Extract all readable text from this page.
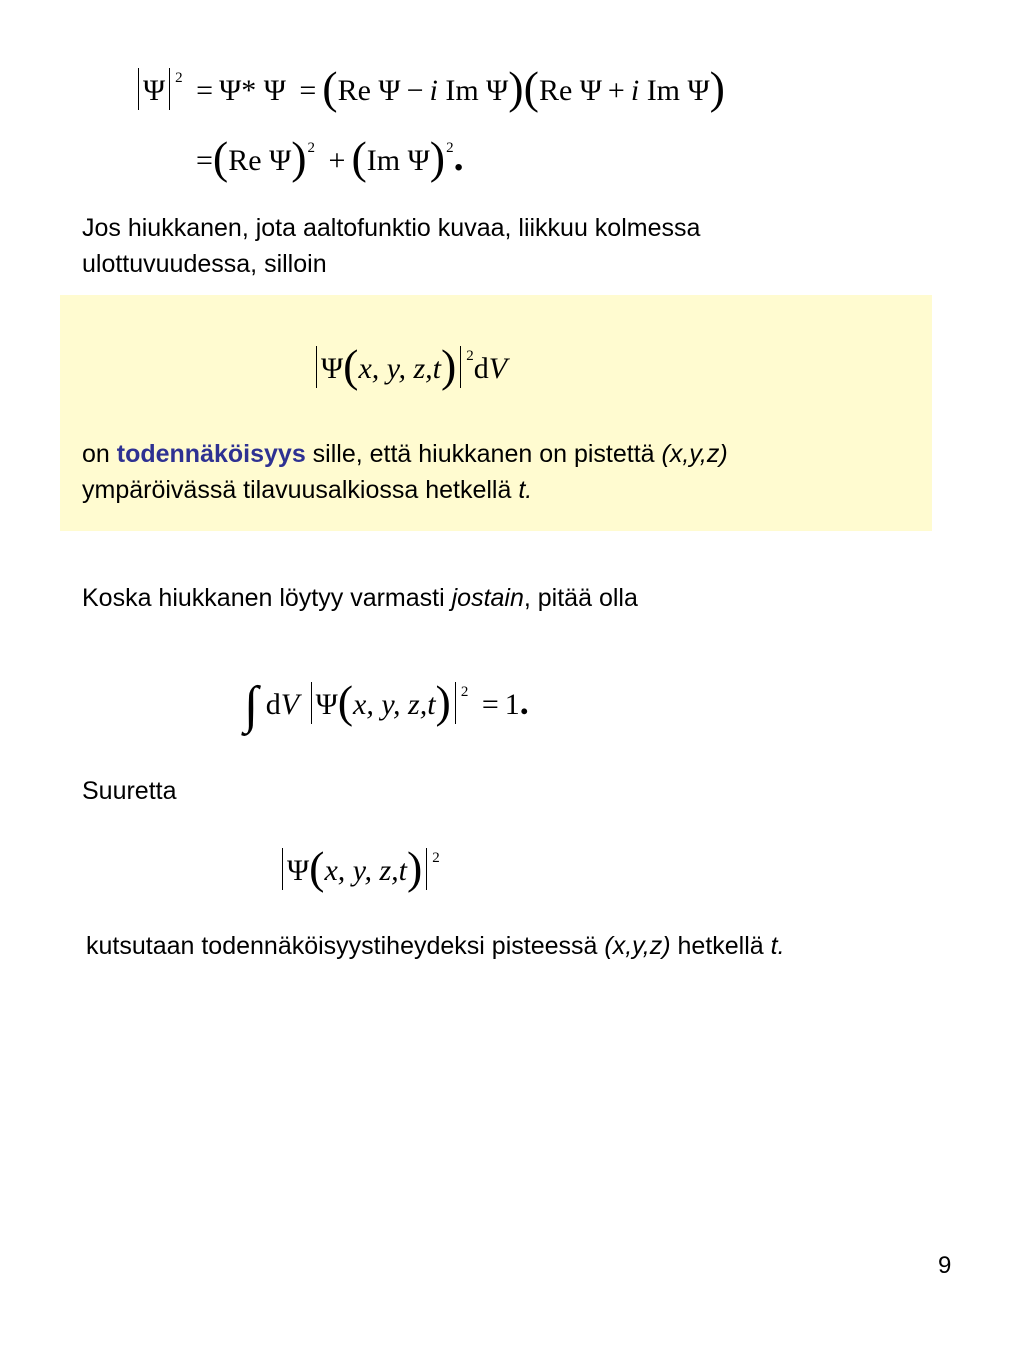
Ψ $^2$ = Ψ* Ψ = (Re Ψ − i Im Ψ)(Re Ψ + i Im Ψ)
=(Re Ψ)$^2$ + (Im Ψ)$^2$.
Jos hiukkanen, jota aaltofunktio kuvaa, liikkuu kolmessa
ulottuvuudessa, silloin
Ψ(x, y, z,t) $^2$dV
on todennäköisyys sille, että hiukkanen on pistettä (x,y,z)
ympäröivässä tilavuusalkiossa hetkellä t.
Koska hiukkanen löytyy varmasti jostain, pitää olla
∫ dV Ψ(x, y, z,t) $^2$ = 1.
Suuretta
Ψ(x, y, z,t) $^2$
kutsutaan todennäköisyystiheydeksi pisteessä (x,y,z) hetkellä t.
9
